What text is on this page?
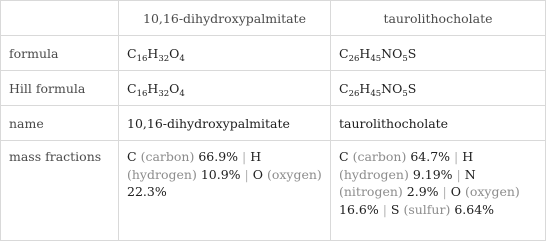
	10,16-dihydroxypalmitate	taurolithocholate
formula	$C_{16}H_{32}O_4$	$C_{26}H_{45}NO_5S$
Hill formula	$C_{16}H_{32}O_4$	$C_{26}H_{45}NO_5S$
name	10,16-dihydroxypalmitate	taurolithocholate
mass fractions	C (carbon) 66.9% | H (hydrogen) 10.9% | O (oxygen) 22.3%	C (carbon) 64.7% | H (hydrogen) 9.19% | N (nitrogen) 2.9% | O (oxygen) 16.6% | S (sulfur) 6.64%
